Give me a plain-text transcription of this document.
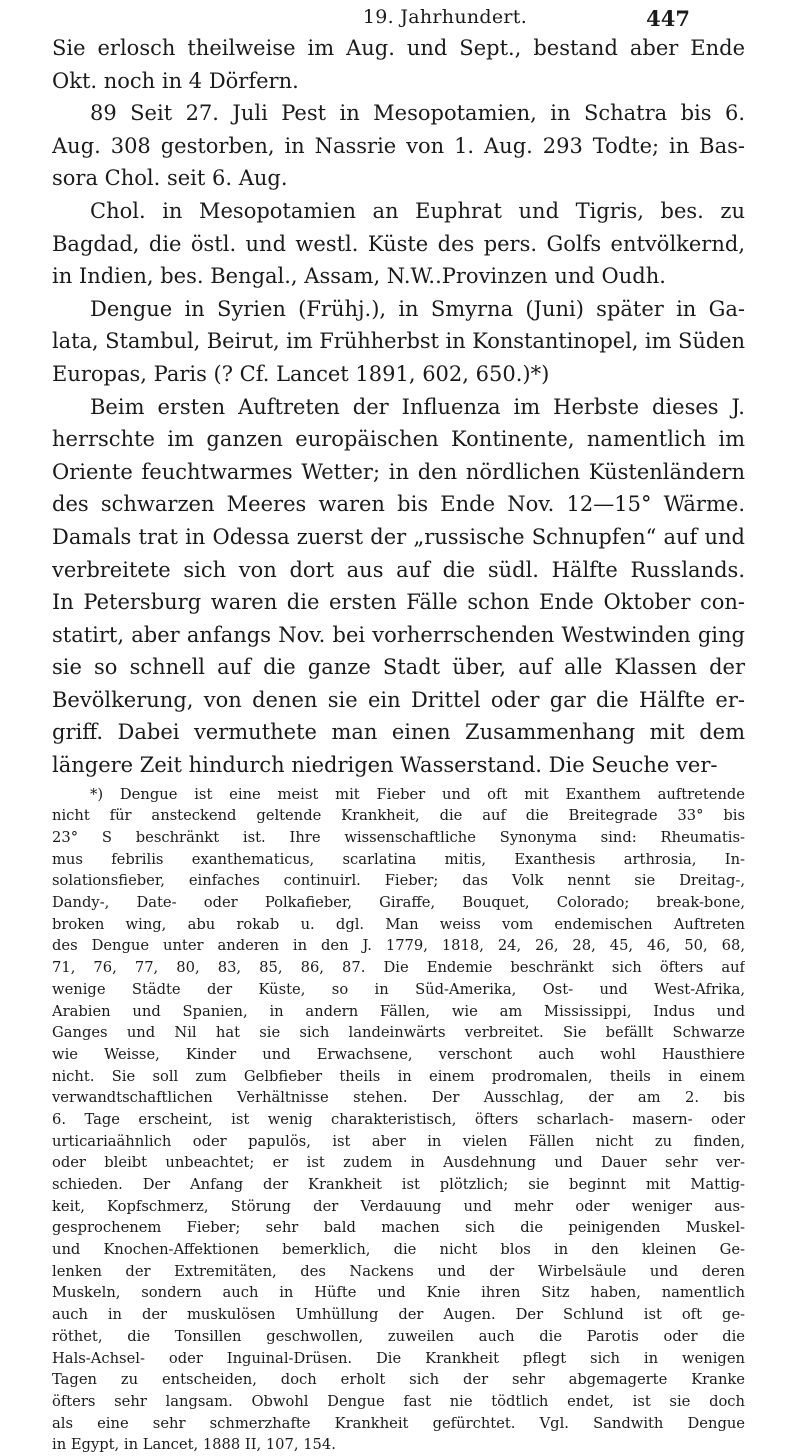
19. Jahrhundert.	447
Sie erlosch theilweise im Aug. und Sept., bestand aber Ende
Okt. noch in 4 Dörfern.
89 Seit 27. Juli Pest in Mesopotamien, in Schatra bis 6.
Aug. 308 gestorben, in Nassrie von 1. Aug. 293 Todte; in Bas-
sora Chol. seit 6. Aug.
Chol. in Mesopotamien an Euphrat und Tigris, bes. zu
Bagdad, die östl. und westl. Küste des pers. Golfs entvölkernd,
in Indien, bes. Bengal., Assam, N.W..Provinzen und Oudh.
Dengue in Syrien (Frühj.), in Smyrna (Juni) später in Ga-
lata, Stambul, Beirut, im Frühherbst in Konstantinopel, im Süden
Europas, Paris (? Cf. Lancet 1891, 602, 650.)*)
Beim ersten Auftreten der Influenza im Herbste dieses J.
herrschte im ganzen europäischen Kontinente, namentlich im
Oriente feuchtwarmes Wetter; in den nördlichen Küstenländern
des schwarzen Meeres waren bis Ende Nov. 12—15° Wärme.
Damals trat in Odessa zuerst der „russische Schnupfen“ auf und
verbreitete sich von dort aus auf die südl. Hälfte Russlands.
In Petersburg waren die ersten Fälle schon Ende Oktober con-
statirt, aber anfangs Nov. bei vorherrschenden Westwinden ging
sie so schnell auf die ganze Stadt über, auf alle Klassen der
Bevölkerung, von denen sie ein Drittel oder gar die Hälfte er-
griff. Dabei vermuthete man einen Zusammenhang mit dem
längere Zeit hindurch niedrigen Wasserstand. Die Seuche ver-
*) Dengue ist eine meist mit Fieber und oft mit Exanthem auftretende
nicht für ansteckend geltende Krankheit, die auf die Breitegrade 33° bis
23° S beschränkt ist. Ihre wissenschaftliche Synonyma sind: Rheumatis-
mus febrilis exanthematicus, scarlatina mitis, Exanthesis arthrosia, In-
solationsfieber, einfaches continuirl. Fieber; das Volk nennt sie Dreitag-,
Dandy-, Date- oder Polkafieber, Giraffe, Bouquet, Colorado; break-bone,
broken wing, abu rokab u. dgl. Man weiss vom endemischen Auftreten
des Dengue unter anderen in den J. 1779, 1818, 24, 26, 28, 45, 46, 50, 68,
71, 76, 77, 80, 83, 85, 86, 87. Die Endemie beschränkt sich öfters auf
wenige Städte der Küste, so in Süd-Amerika, Ost- und West-Afrika,
Arabien und Spanien, in andern Fällen, wie am Mississippi, Indus und
Ganges und Nil hat sie sich landeinwärts verbreitet. Sie befällt Schwarze
wie Weisse, Kinder und Erwachsene, verschont auch wohl Hausthiere
nicht. Sie soll zum Gelbfieber theils in einem prodromalen, theils in einem
verwandtschaftlichen Verhältnisse stehen. Der Ausschlag, der am 2. bis
6. Tage erscheint, ist wenig charakteristisch, öfters scharlach- masern- oder
urticariaähnlich oder papulös, ist aber in vielen Fällen nicht zu finden,
oder bleibt unbeachtet; er ist zudem in Ausdehnung und Dauer sehr ver-
schieden. Der Anfang der Krankheit ist plötzlich; sie beginnt mit Mattig-
keit, Kopfschmerz, Störung der Verdauung und mehr oder weniger aus-
gesprochenem Fieber; sehr bald machen sich die peinigenden Muskel-
und Knochen-Affektionen bemerklich, die nicht blos in den kleinen Ge-
lenken der Extremitäten, des Nackens und der Wirbelsäule und deren
Muskeln, sondern auch in Hüfte und Knie ihren Sitz haben, namentlich
auch in der muskulösen Umhüllung der Augen. Der Schlund ist oft ge-
röthet, die Tonsillen geschwollen, zuweilen auch die Parotis oder die
Hals-Achsel- oder Inguinal-Drüsen. Die Krankheit pflegt sich in wenigen
Tagen zu entscheiden, doch erholt sich der sehr abgemagerte Kranke
öfters sehr langsam. Obwohl Dengue fast nie tödtlich endet, ist sie doch
als eine sehr schmerzhafte Krankheit gefürchtet. Vgl. Sandwith Dengue
in Egypt, in Lancet, 1888 II, 107, 154.
